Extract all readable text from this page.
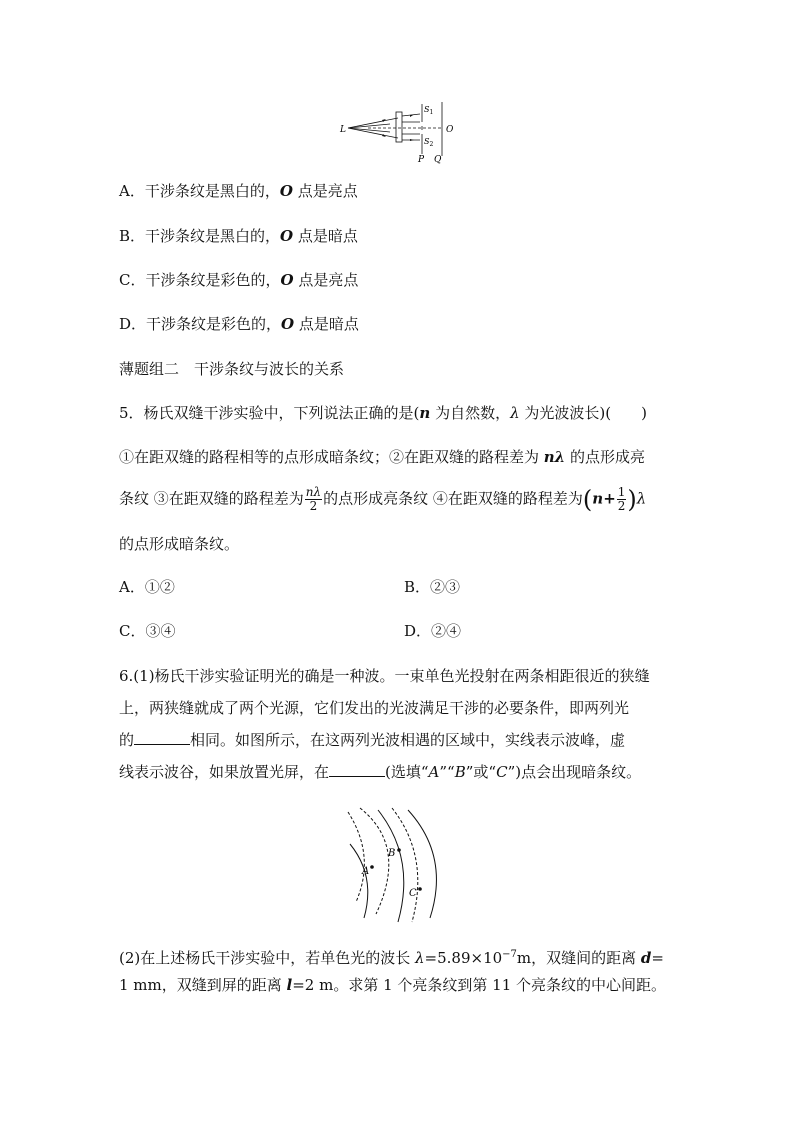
L
$S_1$
$S_2$
O
P Q
A．干涉条纹是黑白的，O 点是亮点
B．干涉条纹是黑白的，O 点是暗点
C．干涉条纹是彩色的，O 点是亮点
D．干涉条纹是彩色的，O 点是暗点
薄题组二　干涉条纹与波长的关系
5．杨氏双缝干涉实验中，下列说法正确的是(n 为自然数，λ 为光波波长)(　　)
①在距双缝的路程相等的点形成暗条纹；②在距双缝的路程差为 nλ 的点形成亮
条纹 ③在距双缝的路程差为 $\frac{n\lambda}{2}$ 的点形成亮条纹 ④在距双缝的路程差为$(n+ \frac{1}{2} )\lambda$
的点形成暗条纹。
A．①②	B．②③
C．③④	D．②④
6.(1)杨氏干涉实验证明光的确是一种波。一束单色光投射在两条相距很近的狭缝
上，两狭缝就成了两个光源，它们发出的光波满足干涉的必要条件，即两列光
的	相同。如图所示，在这两列光波相遇的区域中，实线表示波峰，虚
线表示波谷，如果放置光屏，在	(选填“A”“B”或“C”)点会出现暗条纹。
A
B
C
(2)在上述杨氏干涉实验中，若单色光的波长 $\lambda=5.89\times 10^{-7}m$，双缝间的距离 d=
1 mm，双缝到屏的距离 l=2 m。求第 1 个亮条纹到第 11 个亮条纹的中心间距。
